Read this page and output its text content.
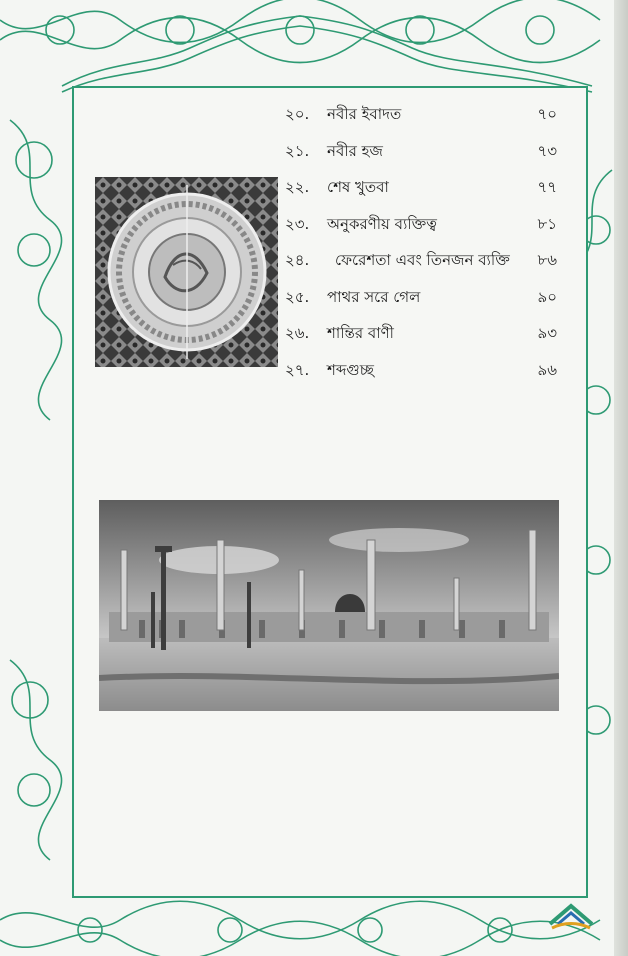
২০. নবীর ইবাদত	৭০
২১. নবীর হজ	৭৩
২২. শেষ খুতবা	৭৭
২৩. অনুকরণীয় ব্যক্তিত্ব	৮১
২৪. ফেরেশতা এবং তিনজন ব্যক্তি ৮৬
২৫. পাথর সরে গেল	৯০
২৬. শান্তির বাণী	৯৩
২৭. শব্দগুচ্ছ	৯৬
